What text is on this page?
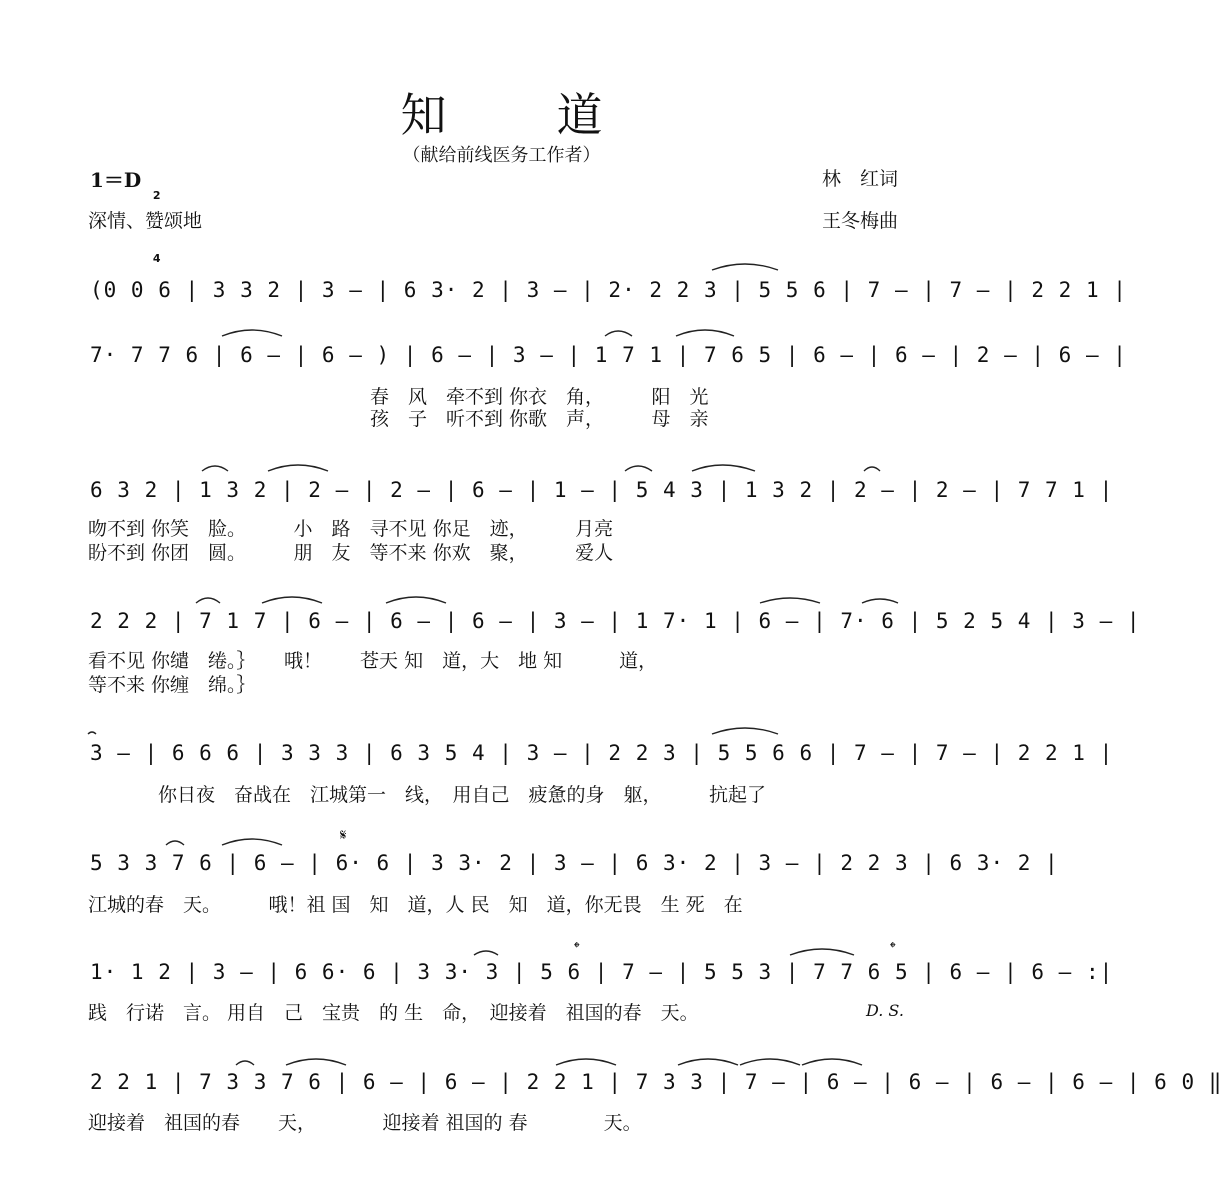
知道
（献给前线医务工作者）
1＝D

2

4

深情、赞颂地
林　红词
王冬梅曲
(0 0 6 | 3 3 2 | 3 – | 6 3· 2 | 3 – | 2· 2 2 3 | 5 5 6 | 7 – | 7 – | 2 2 1 |
7· 7 7 6 | 6 – | 6 – ) | 6 – | 3 – | 1 7 1 | 7 6 5 | 6 – | 6 – | 2 – | 6 – |
春　风　牵不到 你衣　角，　　　阳　光
孩　子　听不到 你歌　声，　　　母　亲
6 3 2 | 1 3 2 | 2 – | 2 – | 6 – | 1 – | 5 4 3 | 1 3 2 | 2 – | 2 – | 7 7 1 |
吻不到 你笑　脸。　　　小　路　寻不见 你足　迹，　　　月亮
盼不到 你团　圆。　　　朋　友　等不来 你欢　聚，　　　爱人
2 2 2 | 7 1 7 | 6 – | 6 – | 6 – | 3 – | 1 7· 1 | 6 – | 7· 6 | 5 2 5 4 | 3 – |
看不见 你缱　绻。｝　　哦！　　苍天 知　道，大　地 知　　　道，
等不来 你缠　绵。｝
3 – | 6 6 6 | 3 3 3 | 6 3 5 4 | 3 – | 2 2 3 | 5 5 6 6 | 7 – | 7 – | 2 2 1 |
你日夜　奋战在　江城第一　线，　用自己　疲惫的身　躯，　　　抗起了
𝄋
5 3 3 7 6 | 6 – | 6· 6 | 3 3· 2 | 3 – | 6 3· 2 | 3 – | 2 2 3 | 6 3· 2 |
江城的春　天。　　　哦！祖 国　知　道，人 民　知　道，你无畏　生 死　在
𝄌	𝄌
1· 1 2 | 3 – | 6 6· 6 | 3 3· 3 | 5 6 | 7 – | 5 5 3 | 7 7 6 5 | 6 – | 6 – :|
践　行诺　言。 用自　己　宝贵　的 生　命，　迎接着　祖国的春　天。	D. S.
2 2 1 | 7 3 3 7 6 | 6 – | 6 – | 2 2 1 | 7 3 3 | 7 – | 6 – | 6 – | 6 – | 6 – | 6 0 ‖
迎接着　祖国的春　　天，　　　　迎接着 祖国的 春　　　　天。
